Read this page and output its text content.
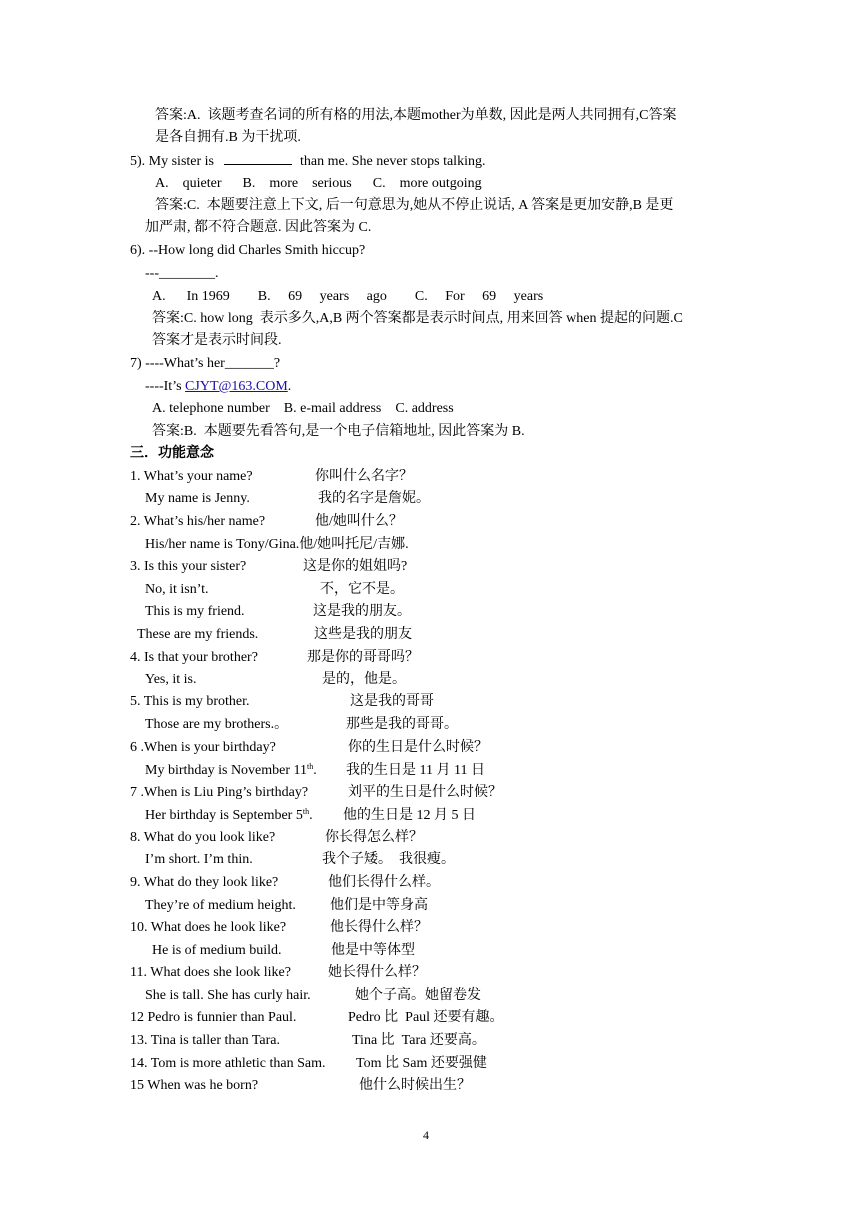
答案:A.  该题考查名词的所有格的用法,本题mother为单数, 因此是两人共同拥有,C答案
是各自拥有.B 为干扰项.
5). My sister is	than me. She never stops talking.
A.    quieter      B.    more    serious      C.    more outgoing
答案:C.  本题要注意上下文, 后一句意思为,她从不停止说话, A 答案是更加安静,B 是更
加严肃, 都不符合题意. 因此答案为 C.
6). --How long did Charles Smith hiccup?
---________.
A.      In 1969        B.     69     years     ago        C.     For     69     years
答案:C. how long  表示多久,A,B 两个答案都是表示时间点, 用来回答 when 提起的问题.C
答案才是表示时间段.
7) ----What’s her_______?
----It’s CJYT@163.COM.
A. telephone number    B. e-mail address    C. address
答案:B.  本题要先看答句,是一个电子信箱地址, 因此答案为 B.
三．功能意念
1. What’s your name?	你叫什么名字？
My name is Jenny.	我的名字是詹妮。
2. What’s his/her name?	他/她叫什么？
His/her name is Tony/Gina.他/她叫托尼/吉娜.
3. Is this your sister?	这是你的姐姐吗?
No, it isn’t.	不，它不是。
This is my friend.	这是我的朋友。
These are my friends.	这些是我的朋友
4. Is that your brother?	那是你的哥哥吗？
Yes, it is.	是的，他是。
5. This is my brother.	这是我的哥哥
Those are my brothers.。	那些是我的哥哥。
6 .When is your birthday?	你的生日是什么时候？
My birthday is November 11th. 我的生日是 11 月 11 日
7 .When is Liu Ping’s birthday?	刘平的生日是什么时候？
Her birthday is September 5th. 他的生日是 12 月 5 日
8. What do you look like?	你长得怎么样？
I’m short. I’m thin.	我个子矮。  我很瘦。
9. What do they look like?	他们长得什么样。
They’re of medium height. 他们是中等身高
10. What does he look like?	他长得什么样？
He is of medium build.	他是中等体型
11. What does she look like?	她长得什么样？
She is tall. She has curly hair.	她个子高。她留卷发
12 Pedro is funnier than Paul.	Pedro 比  Paul 还要有趣。
13. Tina is taller than Tara.	Tina 比  Tara 还要高。
14. Tom is more athletic than Sam. Tom 比 Sam 还要强健
15 When was he born?	他什么时候出生？
4
